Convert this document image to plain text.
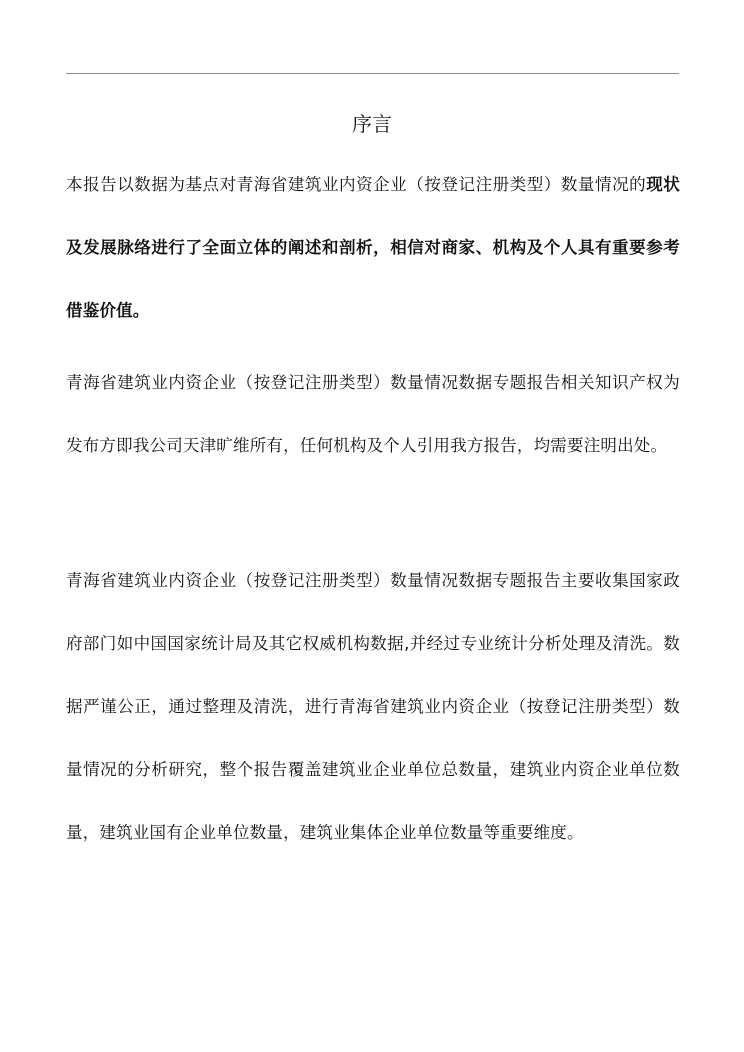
序言

本报告以数据为基点对青海省建筑业内资企业（按登记注册类型）数量情况的现状及发展脉络进行了全面立体的阐述和剖析，相信对商家、机构及个人具有重要参考借鉴价值。

青海省建筑业内资企业（按登记注册类型）数量情况数据专题报告相关知识产权为发布方即我公司天津旷维所有，任何机构及个人引用我方报告，均需要注明出处。

青海省建筑业内资企业（按登记注册类型）数量情况数据专题报告主要收集国家政府部门如中国国家统计局及其它权威机构数据,并经过专业统计分析处理及清洗。数据严谨公正，通过整理及清洗，进行青海省建筑业内资企业（按登记注册类型）数量情况的分析研究，整个报告覆盖建筑业企业单位总数量，建筑业内资企业单位数量，建筑业国有企业单位数量，建筑业集体企业单位数量等重要维度。
